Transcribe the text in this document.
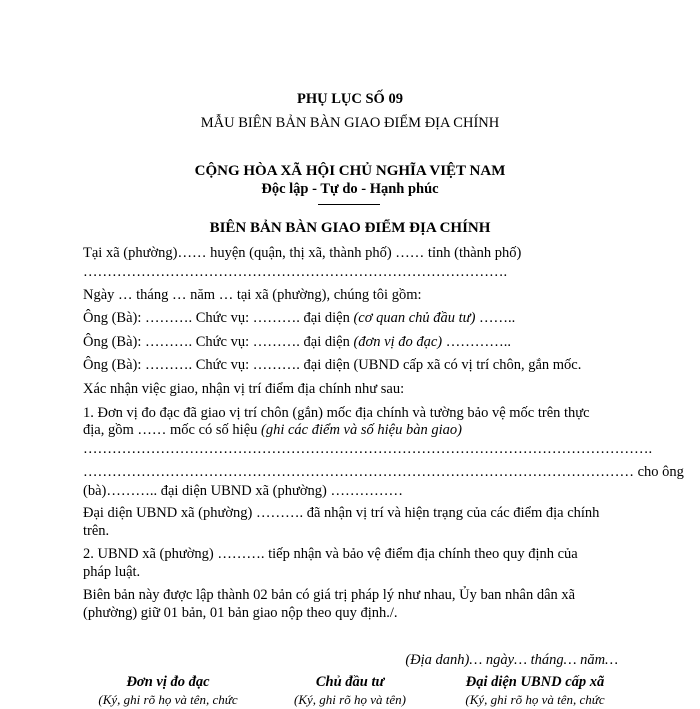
PHỤ LỤC SỐ 09
MẪU BIÊN BẢN BÀN GIAO ĐIỂM ĐỊA CHÍNH
CỘNG HÒA XÃ HỘI CHỦ NGHĨA VIỆT NAM
Độc lập - Tự do - Hạnh phúc
BIÊN BẢN BÀN GIAO ĐIỂM ĐỊA CHÍNH
Tại xã (phường)…… huyện (quận, thị xã, thành phố) …… tỉnh (thành phố)
…………………………………………………………………………….
Ngày … tháng … năm … tại xã (phường), chúng tôi gồm:
Ông (Bà): ………. Chức vụ: ………. đại diện (cơ quan chủ đầu tư) ……..
Ông (Bà): ………. Chức vụ: ………. đại diện (đơn vị đo đạc) …………..
Ông (Bà): ………. Chức vụ: ………. đại diện (UBND cấp xã có vị trí chôn, gắn mốc.
Xác nhận việc giao, nhận vị trí điểm địa chính như sau:
1. Đơn vị đo đạc đã giao vị trí chôn (gắn) mốc địa chính và tường bảo vệ mốc trên thực
địa, gồm …… mốc có số hiệu (ghi các điểm và số hiệu bàn giao)
……………………………………………………………………………………………………….
…………………………………………………………………………………………………… cho ông
(bà)……….. đại diện UBND xã (phường) ……………
Đại diện UBND xã (phường) ………. đã nhận vị trí và hiện trạng của các điểm địa chính
trên.
2. UBND xã (phường) ………. tiếp nhận và bảo vệ điểm địa chính theo quy định của
pháp luật.
Biên bản này được lập thành 02 bản có giá trị pháp lý như nhau, Ủy ban nhân dân xã
(phường) giữ 01 bản, 01 bản giao nộp theo quy định./.
(Địa danh)… ngày… tháng… năm…
Đơn vị đo đạc
(Ký, ghi rõ họ và tên, chức
Chủ đầu tư
(Ký, ghi rõ họ và tên)
Đại diện UBND cấp xã
(Ký, ghi rõ họ và tên, chức
